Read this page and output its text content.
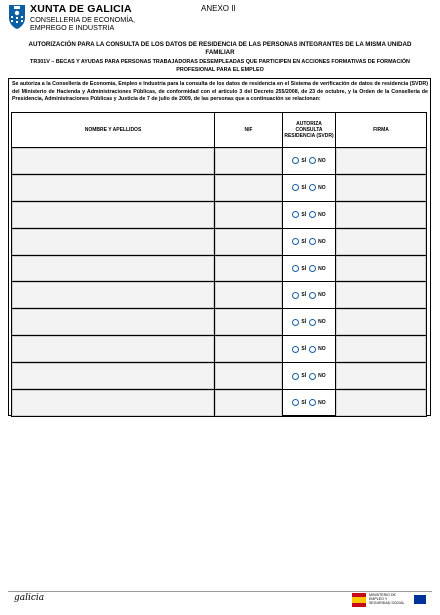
XUNTA DE GALICIA
CONSELLERIA DE ECONOMÍA, EMPREGO E INDUSTRIA
ANEXO II
AUTORIZACIÓN PARA LA CONSULTA DE LOS DATOS DE RESIDENCIA DE LAS PERSONAS INTEGRANTES DE LA MISMA UNIDAD FAMILIAR
TR301V – BECAS Y AYUDAS PARA PERSONAS TRABAJADORAS DESEMPLEADAS QUE PARTICIPEN EN ACCIONES FORMATIVAS DE FORMACIÓN PROFESIONAL PARA EL EMPLEO
Se autoriza a la Consellería de Economía, Empleo e Industria para la consulta de los datos de residencia en el Sistema de verificación de datos de residencia (SVDR) del Ministerio de Hacienda y Administraciones Públicas, de conformidad con el artículo 3 del Decreto 255/2008, de 23 de octubre, y la Orden de la Consellería de Presidencia, Administraciones Públicas y Justicia de 7 de julio de 2009, de las personas que a continuación se relacionan:
NOMBRE Y APELLIDOS	NIF	AUTORIZA CONSULTA RESIDENCIA (SVDR)	FIRMA

		SÍ NO	

		SÍ NO	

		SÍ NO	

		SÍ NO	

		SÍ NO	

		SÍ NO	

		SÍ NO	

		SÍ NO	

		SÍ NO	

		SÍ NO	

galicia	MINISTERIO DE EMPLEO Y SEGURIDAD SOCIAL
